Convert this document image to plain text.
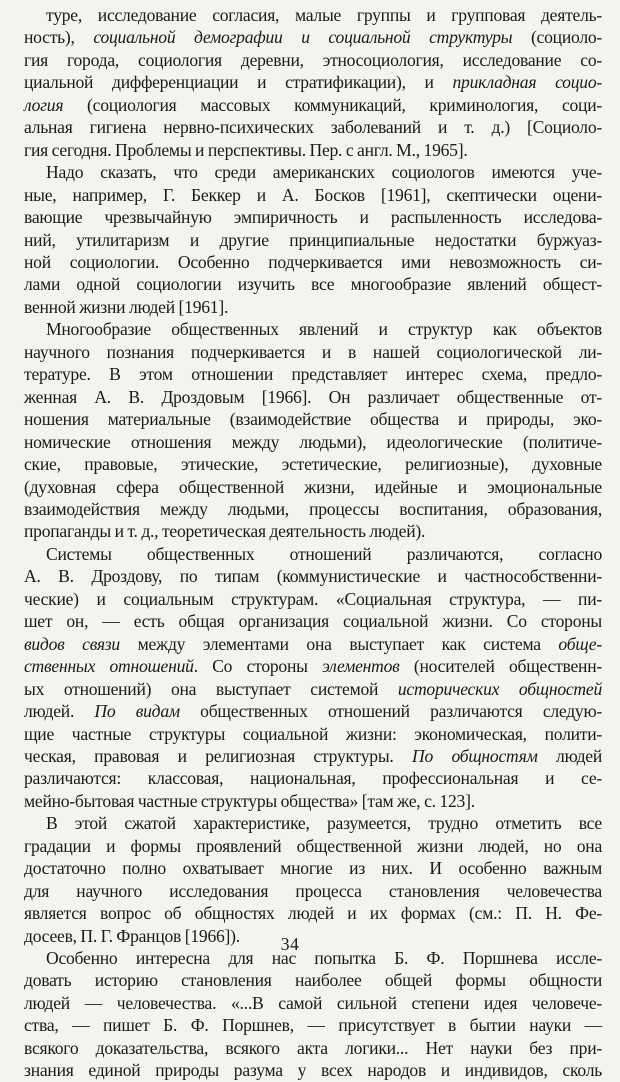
туре, исследование согласия, малые группы и групповая деятель-
ность), социальной демографии и социальной структуры (социоло-
гия города, социология деревни, этносоциология, исследование со-
циальной дифференциации и стратификации), и прикладная социо-
логия (социология массовых коммуникаций, криминология, соци-
альная гигиена нервно-психических заболеваний и т. д.) [Социоло-
гия сегодня. Проблемы и перспективы. Пер. с англ. М., 1965].
Надо сказать, что среди американских социологов имеются уче-
ные, например, Г. Беккер и А. Босков [1961], скептически оцени-
вающие чрезвычайную эмпиричность и распыленность исследова-
ний, утилитаризм и другие принципиальные недостатки буржуаз-
ной социологии. Особенно подчеркивается ими невозможность си-
лами одной социологии изучить все многообразие явлений общест-
венной жизни людей [1961].
Многообразие общественных явлений и структур как объектов
научного познания подчеркивается и в нашей социологической ли-
тературе. В этом отношении представляет интерес схема, предло-
женная А. В. Дроздовым [1966]. Он различает общественные от-
ношения материальные (взаимодействие общества и природы, эко-
номические отношения между людьми), идеологические (политиче-
ские, правовые, этические, эстетические, религиозные), духовные
(духовная сфера общественной жизни, идейные и эмоциональные
взаимодействия между людьми, процессы воспитания, образования,
пропаганды и т. д., теоретическая деятельность людей).
Системы общественных отношений различаются, согласно
А. В. Дроздову, по типам (коммунистические и частнособственни-
ческие) и социальным структурам. «Социальная структура, — пи-
шет он, — есть общая организация социальной жизни. Со стороны
видов связи между элементами она выступает как система обще-
ственных отношений. Со стороны элементов (носителей общественн-
ых отношений) она выступает системой исторических общностей
людей. По видам общественных отношений различаются следую-
щие частные структуры социальной жизни: экономическая, полити-
ческая, правовая и религиозная структуры. По общностям людей
различаются: классовая, национальная, профессиональная и се-
мейно-бытовая частные структуры общества» [там же, с. 123].
В этой сжатой характеристике, разумеется, трудно отметить все
градации и формы проявлений общественной жизни людей, но она
достаточно полно охватывает многие из них. И особенно важным
для научного исследования процесса становления человечества
является вопрос об общностях людей и их формах (см.: П. Н. Фе-
досеев, П. Г. Францов [1966]).
Особенно интересна для нас попытка Б. Ф. Поршнева иссле-
довать историю становления наиболее общей формы общности
людей — человечества. «...В самой сильной степени идея человече-
ства, — пишет Б. Ф. Поршнев, — присутствует в бытии науки —
всякого доказательства, всякого акта логики... Нет науки без при-
знания единой природы разума у всех народов и индивидов, сколь
34
